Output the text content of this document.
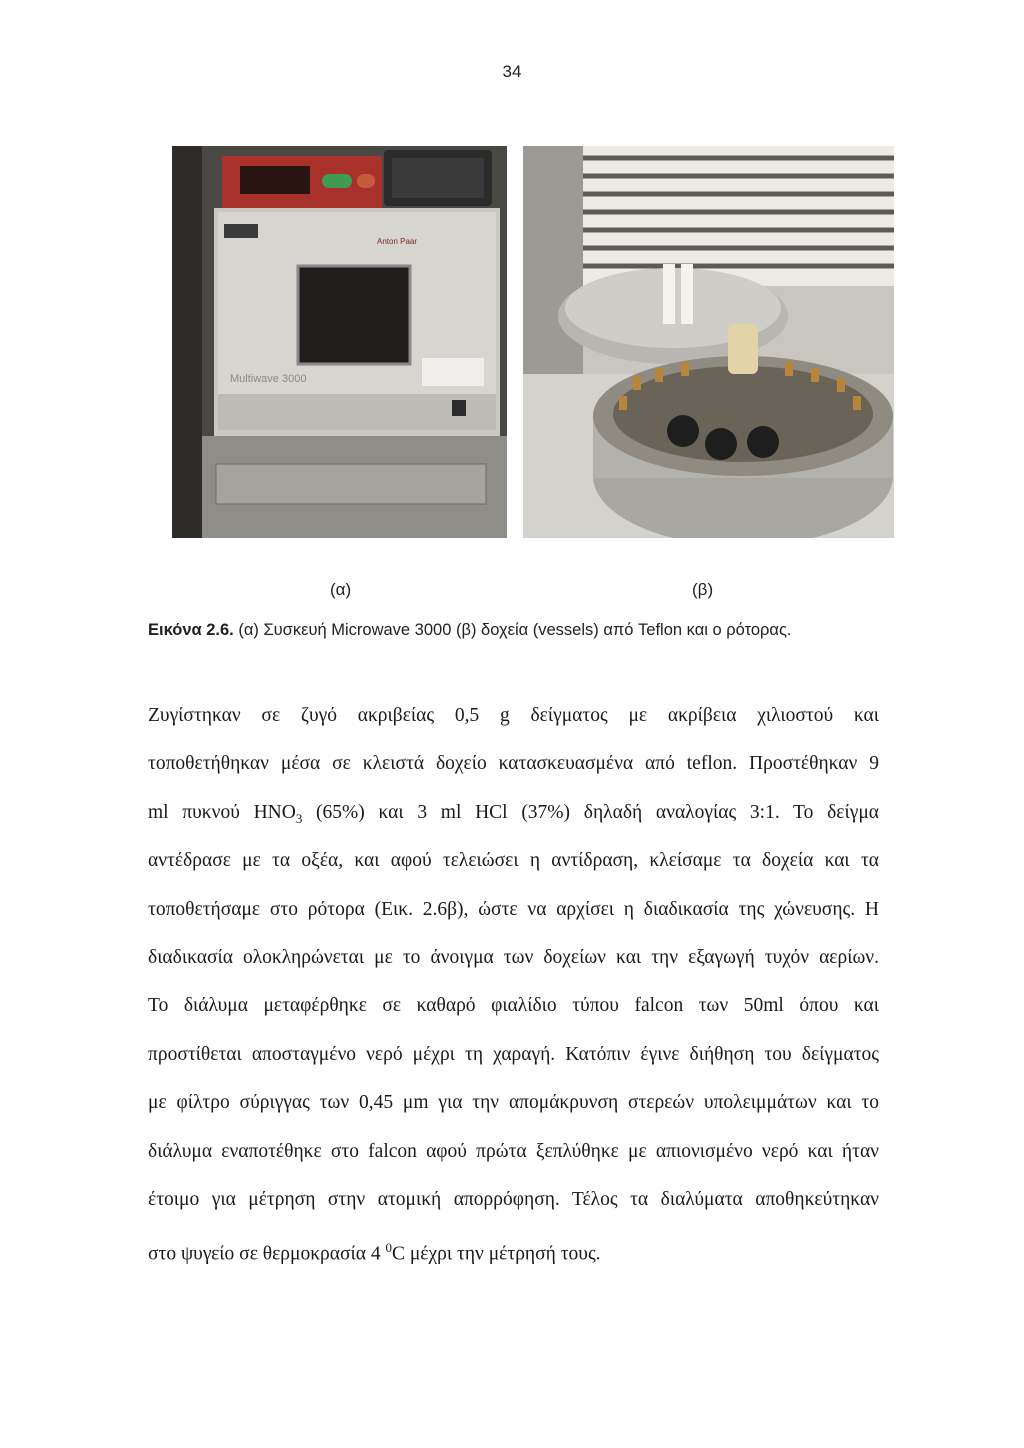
34
Anton Paar
Multiwave 3000
(α)	(β)
Εικόνα 2.6. (α) Συσκευή Microwave 3000 (β) δοχεία (vessels) από Teflon και ο ρότορας.
Ζυγίστηκαν σε ζυγό ακριβείας 0,5 g δείγματος με ακρίβεια χιλιοστού και
τοποθετήθηκαν μέσα σε κλειστά δοχείο κατασκευασμένα από teflon. Προστέθηκαν 9
ml πυκνού $HNO_3$ (65%) και 3 ml HCl (37%) δηλαδή αναλογίας 3:1. Το δείγμα
αντέδρασε με τα οξέα, και αφού τελειώσει η αντίδραση, κλείσαμε τα δοχεία και τα
τοποθετήσαμε στο ρότορα (Εικ. 2.6β), ώστε να αρχίσει η διαδικασία της χώνευσης. Η
διαδικασία ολοκληρώνεται με το άνοιγμα των δοχείων και την εξαγωγή τυχόν αερίων.
Το διάλυμα μεταφέρθηκε σε καθαρό φιαλίδιο τύπου falcon των 50ml όπου και
προστίθεται αποσταγμένο νερό μέχρι τη χαραγή. Κατόπιν έγινε διήθηση του δείγματος
με φίλτρο σύριγγας των 0,45 μm για την απομάκρυνση στερεών υπολειμμάτων και το
διάλυμα εναποτέθηκε στο falcon αφού πρώτα ξεπλύθηκε με απιονισμένο νερό και ήταν
έτοιμο για μέτρηση στην ατομική απορρόφηση. Τέλος τα διαλύματα αποθηκεύτηκαν
στο ψυγείο σε θερμοκρασία 4 $^0$C μέχρι την μέτρησή τους.
